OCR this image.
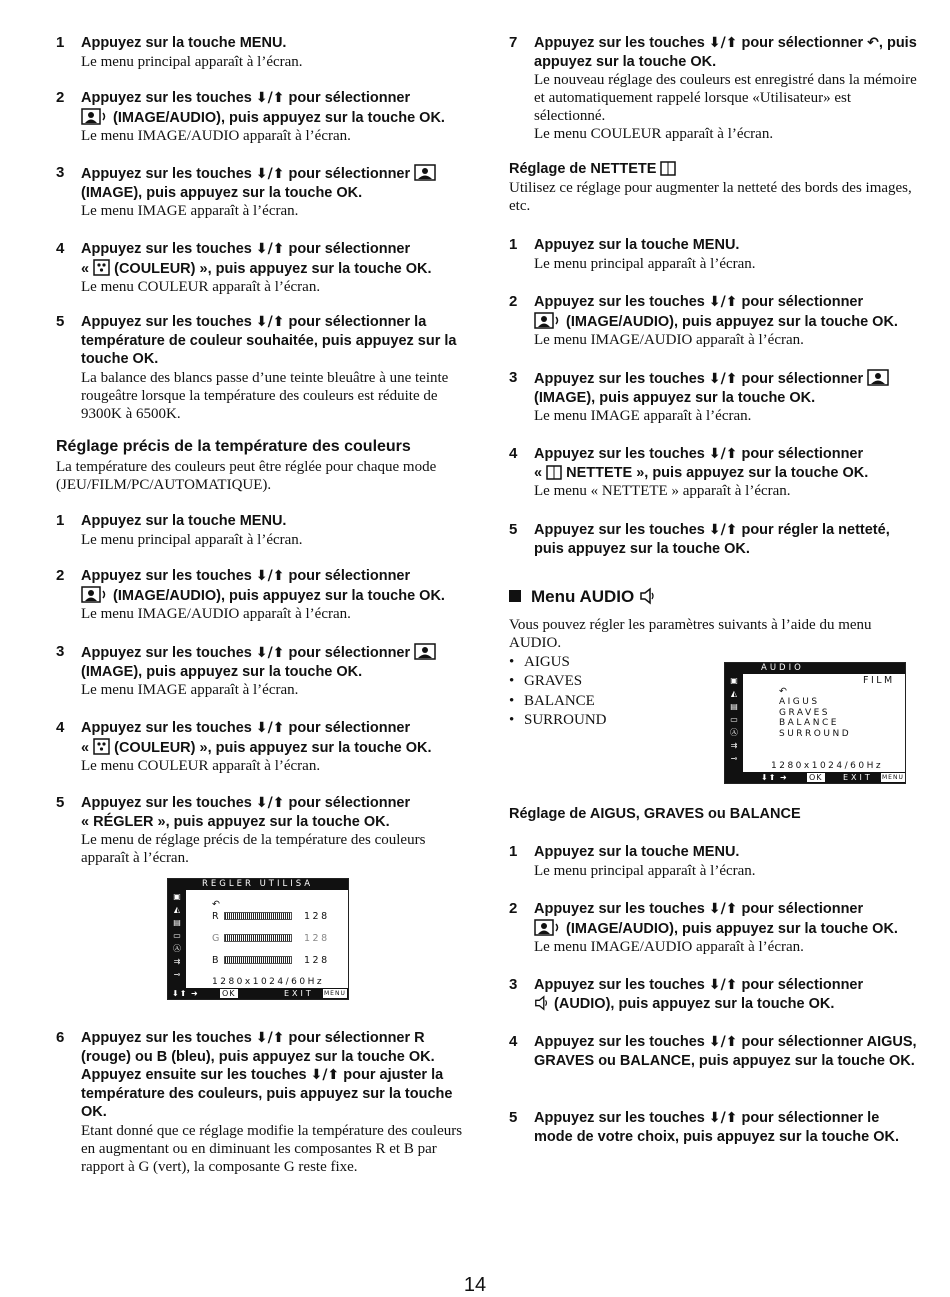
1 Appuyez sur la touche MENU.
Le menu principal apparaît à l’écran.
2 Appuyez sur les touches ⬇/⬆ pour sélectionner
(IMAGE/AUDIO), puis appuyez sur la touche OK.
Le menu IMAGE/AUDIO apparaît à l’écran.
3 Appuyez sur les touches ⬇/⬆ pour sélectionner
(IMAGE), puis appuyez sur la touche OK.
Le menu IMAGE apparaît à l’écran.
4 Appuyez sur les touches ⬇/⬆ pour sélectionner
«  (COULEUR) », puis appuyez sur la touche OK.
Le menu COULEUR apparaît à l’écran.
5 Appuyez sur les touches ⬇/⬆ pour sélectionner la température de couleur souhaitée, puis appuyez sur la touche OK.
La balance des blancs passe d’une teinte bleuâtre à une teinte rougeâtre lorsque la température des couleurs est réduite de 9300K à 6500K.
Réglage précis de la température des couleurs
La température des couleurs peut être réglée pour chaque mode (JEU/FILM/PC/AUTOMATIQUE).
1 Appuyez sur la touche MENU.
Le menu principal apparaît à l’écran.
2 Appuyez sur les touches ⬇/⬆ pour sélectionner
(IMAGE/AUDIO), puis appuyez sur la touche OK.
Le menu IMAGE/AUDIO apparaît à l’écran.
3 Appuyez sur les touches ⬇/⬆ pour sélectionner
(IMAGE), puis appuyez sur la touche OK.
Le menu IMAGE apparaît à l’écran.
4 Appuyez sur les touches ⬇/⬆ pour sélectionner
«  (COULEUR) », puis appuyez sur la touche OK.
Le menu COULEUR apparaît à l’écran.
5 Appuyez sur les touches ⬇/⬆ pour sélectionner
« RÉGLER », puis appuyez sur la touche OK.
Le menu de réglage précis de la température des couleurs apparaît à l’écran.
REGLER UTILISA
▣
◭
▤
▭
Ⓐ
⇉
⊸
↶
R	128
G	128
B	128
1280x1024/60Hz
⬇⬆ ➜	OK	EXIT MENU
6 Appuyez sur les touches ⬇/⬆ pour sélectionner R (rouge) ou B (bleu), puis appuyez sur la touche OK. Appuyez ensuite sur les touches ⬇/⬆ pour ajuster la température des couleurs, puis appuyez sur la touche OK.
Etant donné que ce réglage modifie la température des couleurs en augmentant ou en diminuant les composantes R et B par rapport à G (vert), la composante G reste fixe.
7 Appuyez sur les touches ⬇/⬆ pour sélectionner ↶, puis appuyez sur la touche OK.
Le nouveau réglage des couleurs est enregistré dans la mémoire et automatiquement rappelé lorsque «Utilisateur» est sélectionné.
Le menu COULEUR apparaît à l’écran.
Réglage de NETTETE
Utilisez ce réglage pour augmenter la netteté des bords des images, etc.
1 Appuyez sur la touche MENU.
Le menu principal apparaît à l’écran.
2 Appuyez sur les touches ⬇/⬆ pour sélectionner
(IMAGE/AUDIO), puis appuyez sur la touche OK.
Le menu IMAGE/AUDIO apparaît à l’écran.
3 Appuyez sur les touches ⬇/⬆ pour sélectionner
(IMAGE), puis appuyez sur la touche OK.
Le menu IMAGE apparaît à l’écran.
4 Appuyez sur les touches ⬇/⬆ pour sélectionner
«  NETTETE », puis appuyez sur la touche OK.
Le menu « NETTETE » apparaît à l’écran.
5 Appuyez sur les touches ⬇/⬆ pour régler la netteté, puis appuyez sur la touche OK.
Menu AUDIO
Vous pouvez régler les paramètres suivants à l’aide du menu AUDIO.
• AIGUS
• GRAVES
• BALANCE
• SURROUND
AUDIO
▣
◭
▤
▭
Ⓐ
⇉
⊸
FILM
↶
AIGUS
GRAVES
BALANCE
SURROUND
1280x1024/60Hz
⬇⬆ ➜	OK	EXIT MENU
Réglage de AIGUS, GRAVES ou BALANCE
1 Appuyez sur la touche MENU.
Le menu principal apparaît à l’écran.
2 Appuyez sur les touches ⬇/⬆ pour sélectionner
(IMAGE/AUDIO), puis appuyez sur la touche OK.
Le menu IMAGE/AUDIO apparaît à l’écran.
3 Appuyez sur les touches ⬇/⬆ pour sélectionner
(AUDIO), puis appuyez sur la touche OK.
4 Appuyez sur les touches ⬇/⬆ pour sélectionner AIGUS, GRAVES ou BALANCE, puis appuyez sur la touche OK.
5 Appuyez sur les touches ⬇/⬆ pour sélectionner le mode de votre choix, puis appuyez sur la touche OK.
14
